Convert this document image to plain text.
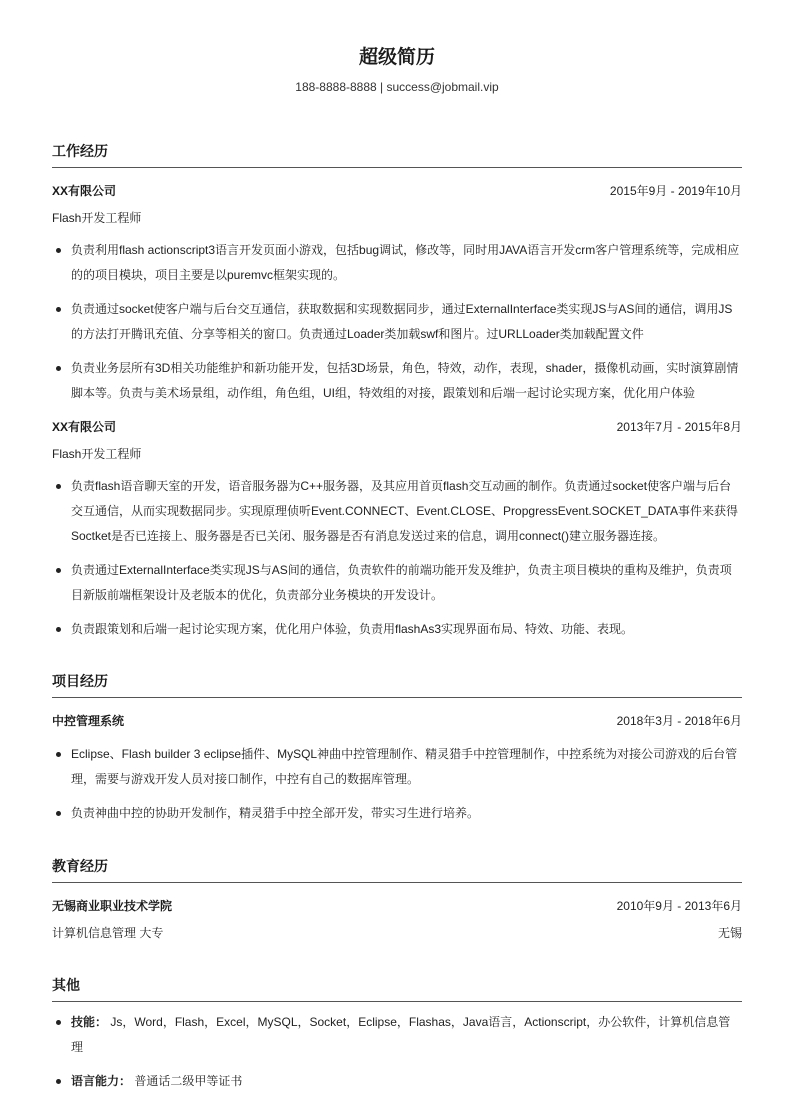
超级简历
188-8888-8888 | success@jobmail.vip
工作经历
XX有限公司	2015年9月 - 2019年10月
Flash开发工程师
负责利用flash actionscript3语言开发页面小游戏，包括bug调试，修改等，同时用JAVA语言开发crm客户管理系统等，完成相应的的项目模块，项目主要是以puremvc框架实现的。
负责通过socket使客户端与后台交互通信，获取数据和实现数据同步，通过ExternalInterface类实现JS与AS间的通信，调用JS的方法打开腾讯充值、分享等相关的窗口。负责通过Loader类加载swf和图片。过URLLoader类加载配置文件
负责业务层所有3D相关功能维护和新功能开发，包括3D场景，角色，特效，动作，表现，shader，摄像机动画，实时演算剧情脚本等。负责与美术场景组，动作组，角色组，UI组，特效组的对接，跟策划和后端一起讨论实现方案，优化用户体验
XX有限公司	2013年7月 - 2015年8月
Flash开发工程师
负责flash语音聊天室的开发，语音服务器为C++服务器，及其应用首页flash交互动画的制作。负责通过socket使客户端与后台交互通信，从而实现数据同步。实现原理侦听Event.CONNECT、Event.CLOSE、PropgressEvent.SOCKET_DATA事件来获得Soctket是否已连接上、服务器是否已关闭、服务器是否有消息发送过来的信息，调用connect()建立服务器连接。
负责通过ExternalInterface类实现JS与AS间的通信，负责软件的前端功能开发及维护，负责主项目模块的重构及维护，负责项目新版前端框架设计及老版本的优化，负责部分业务模块的开发设计。
负责跟策划和后端一起讨论实现方案，优化用户体验，负责用flashAs3实现界面布局、特效、功能、表现。
项目经历
中控管理系统	2018年3月 - 2018年6月
Eclipse、Flash builder 3 eclipse插件、MySQL神曲中控管理制作、精灵猎手中控管理制作，中控系统为对接公司游戏的后台管理，需要与游戏开发人员对接口制作，中控有自己的数据库管理。
负责神曲中控的协助开发制作，精灵猎手中控全部开发，带实习生进行培养。
教育经历
无锡商业职业技术学院	2010年9月 - 2013年6月
计算机信息管理 大专	无锡
其他
技能： Js，Word，Flash，Excel，MySQL，Socket，Eclipse，Flashas，Java语言，Actionscript，办公软件，计算机信息管理
语言能力： 普通话二级甲等证书
